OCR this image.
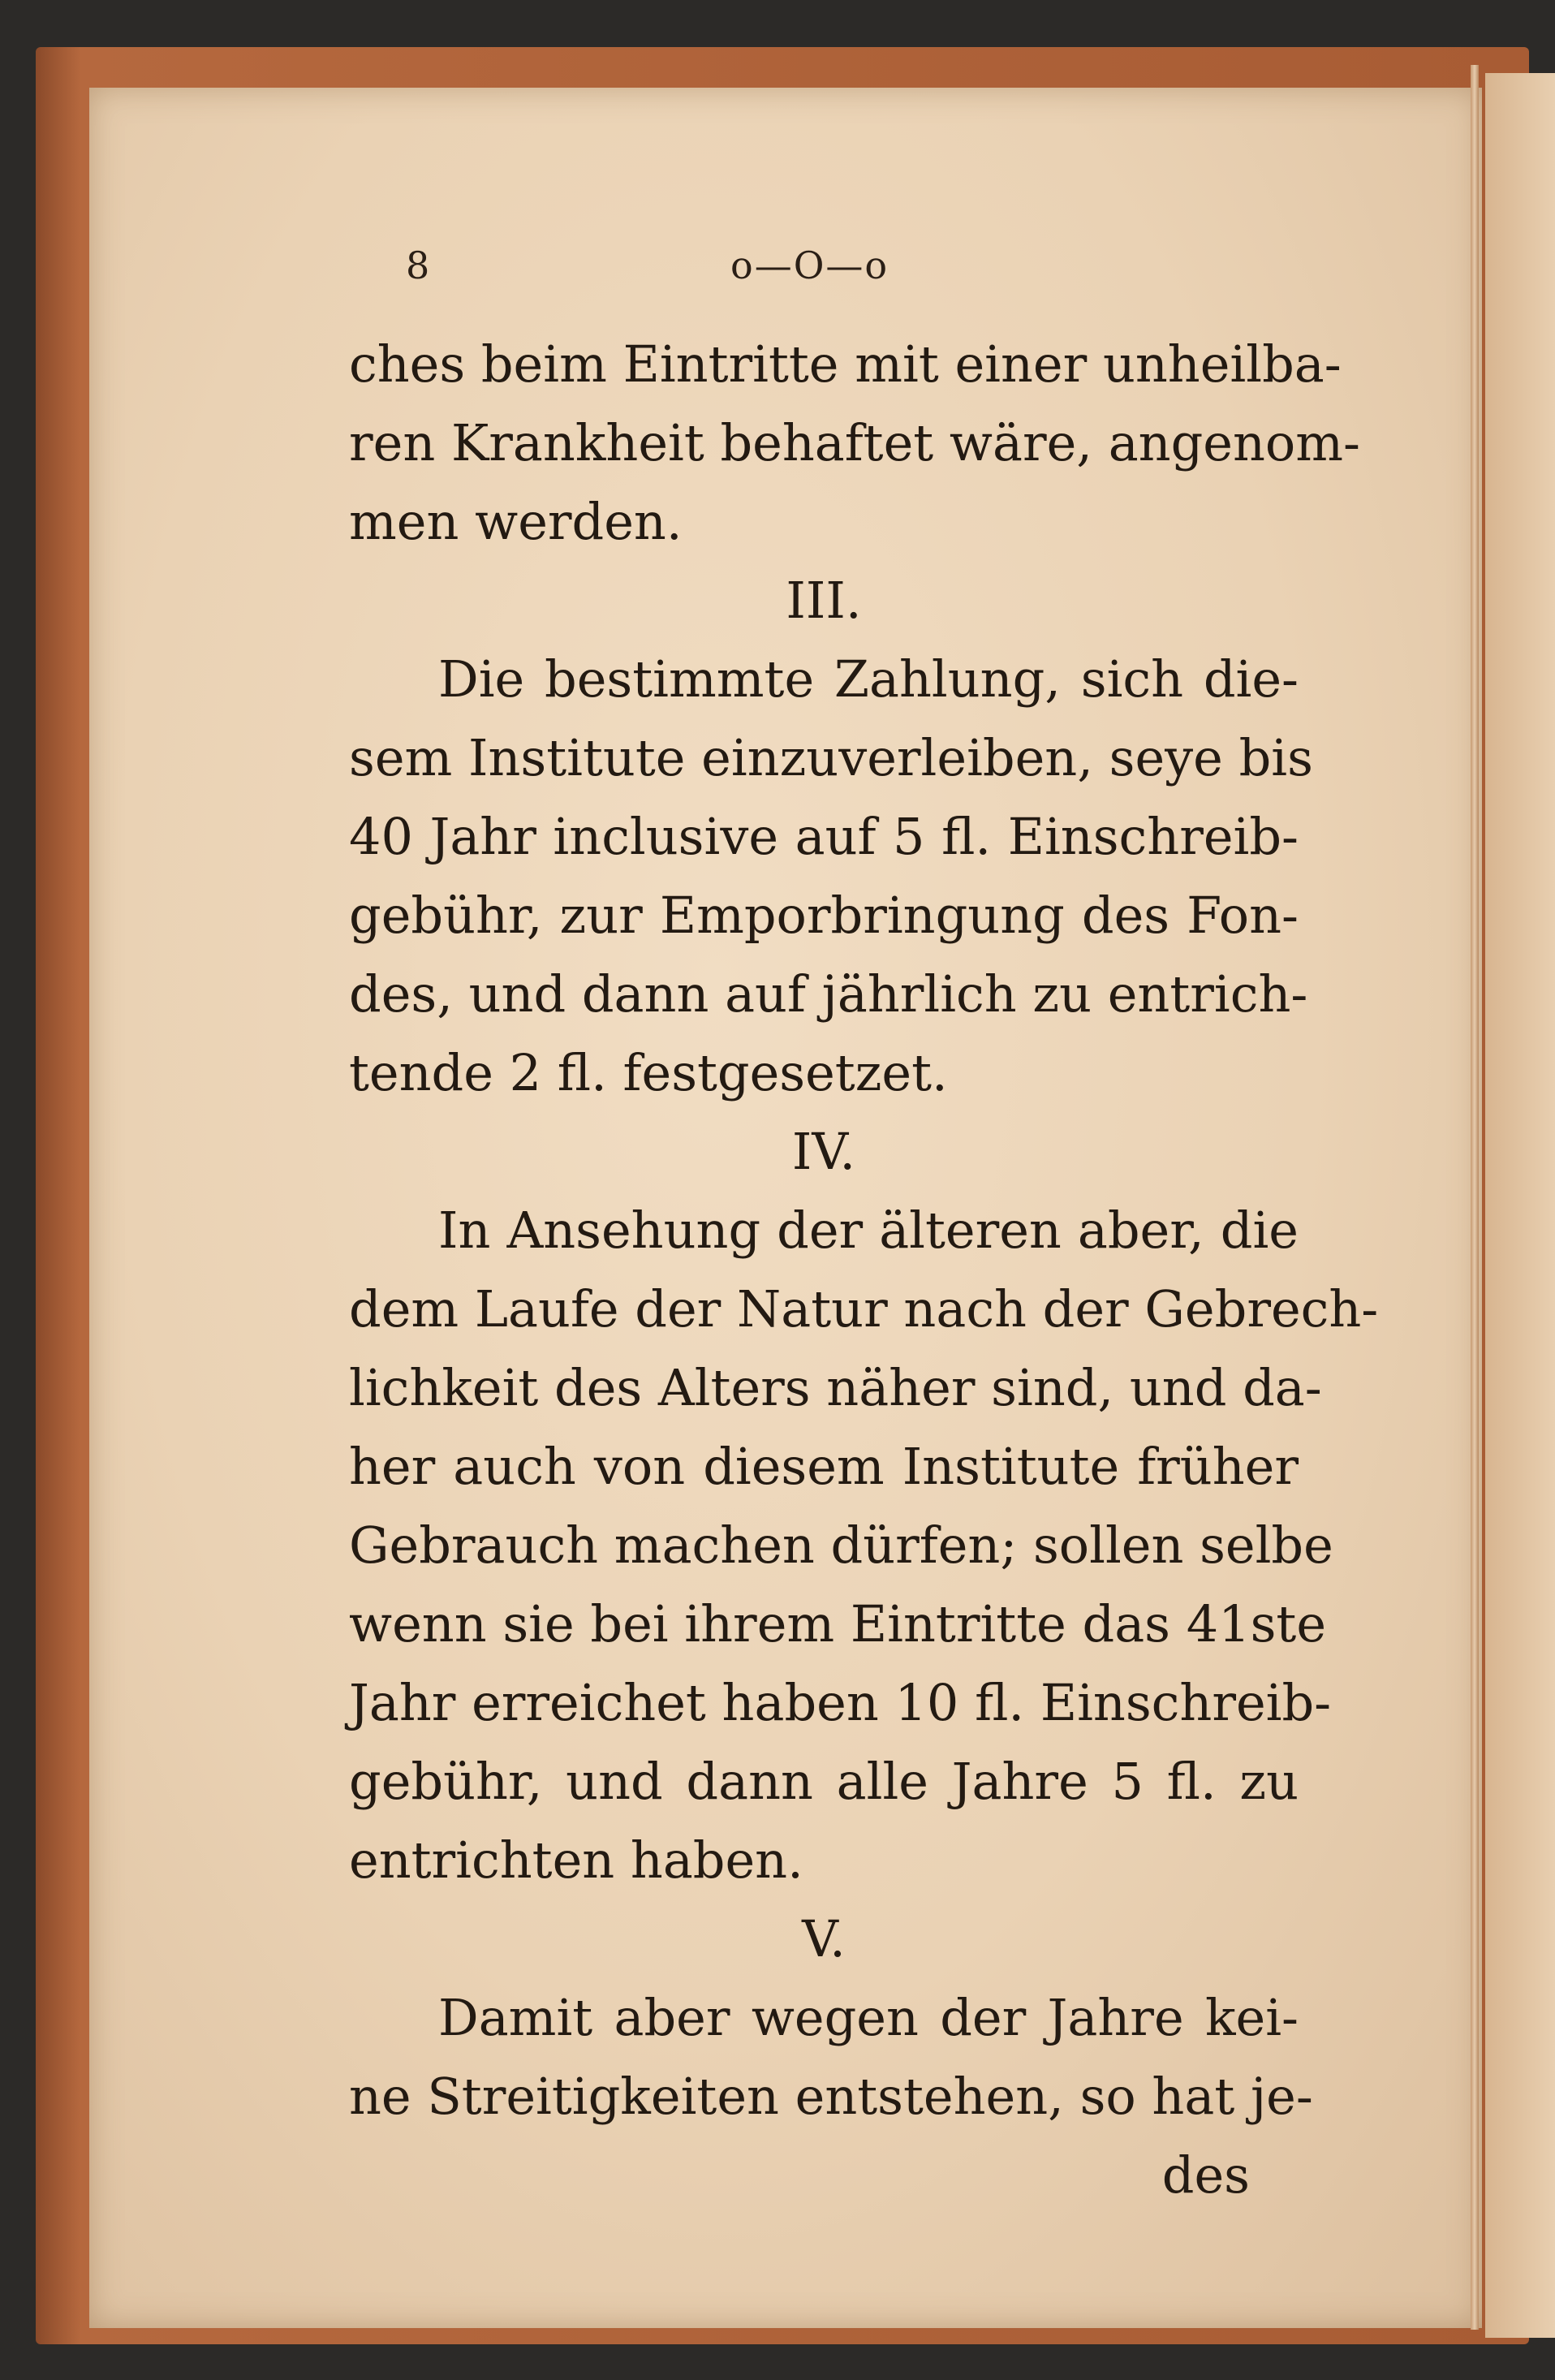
8	o—O—o
ches beim Eintritte mit einer unheilba-
ren Krankheit behaftet wäre, angenom-
men werden.
III.
Die bestimmte Zahlung, sich die-
sem Institute einzuverleiben, seye bis
40 Jahr inclusive auf 5 fl. Einschreib-
gebühr, zur Emporbringung des Fon-
des, und dann auf jährlich zu entrich-
tende 2 fl. festgesetzet.
IV.
In Ansehung der älteren aber, die
dem Laufe der Natur nach der Gebrech-
lichkeit des Alters näher sind, und da-
her auch von diesem Institute früher
Gebrauch machen dürfen; sollen selbe
wenn sie bei ihrem Eintritte das 41ste
Jahr erreichet haben 10 fl. Einschreib-
gebühr, und dann alle Jahre 5 fl. zu
entrichten haben.
V.
Damit aber wegen der Jahre kei-
ne Streitigkeiten entstehen, so hat je-
des
